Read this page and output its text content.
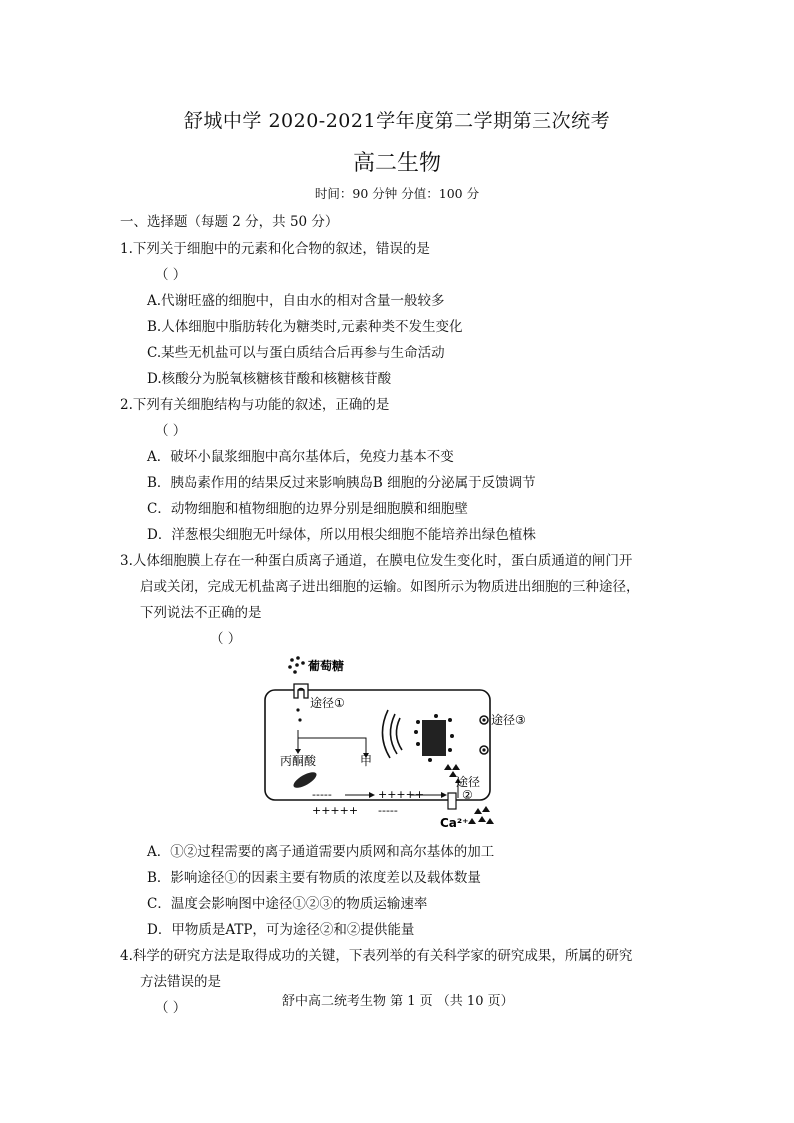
舒城中学 2020-2021学年度第二学期第三次统考
高二生物
时间：90 分钟 分值：100 分
一、选择题（每题 2 分，共 50 分）
1.下列关于细胞中的元素和化合物的叙述，错误的是
（ ）
A.代谢旺盛的细胞中，自由水的相对含量一般较多
B.人体细胞中脂肪转化为糖类时,元素种类不发生变化
C.某些无机盐可以与蛋白质结合后再参与生命活动
D.核酸分为脱氧核糖核苷酸和核糖核苷酸
2.下列有关细胞结构与功能的叙述，正确的是
（ ）
A．破坏小鼠浆细胞中高尔基体后，免疫力基本不变
B．胰岛素作用的结果反过来影响胰岛B 细胞的分泌属于反馈调节
C．动物细胞和植物细胞的边界分别是细胞膜和细胞壁
D．洋葱根尖细胞无叶绿体，所以用根尖细胞不能培养出绿色植株
3.人体细胞膜上存在一种蛋白质离子通道，在膜电位发生变化时，蛋白质通道的闸门开
启或关闭，完成无机盐离子进出细胞的运输。如图所示为物质进出细胞的三种途径，
下列说法不正确的是
（ ）
葡萄糖
途径①
丙酮酸	甲
途径③
途径
②
-----	+++++
+++++ -----
Ca²⁺
A．①②过程需要的离子通道需要内质网和高尔基体的加工
B．影响途径①的因素主要有物质的浓度差以及载体数量
C．温度会影响图中途径①②③的物质运输速率
D．甲物质是ATP，可为途径②和②提供能量
4.科学的研究方法是取得成功的关键，下表列举的有关科学家的研究成果，所属的研究
方法错误的是
（ ）	舒中高二统考生物 第 1 页 （共 10 页）
